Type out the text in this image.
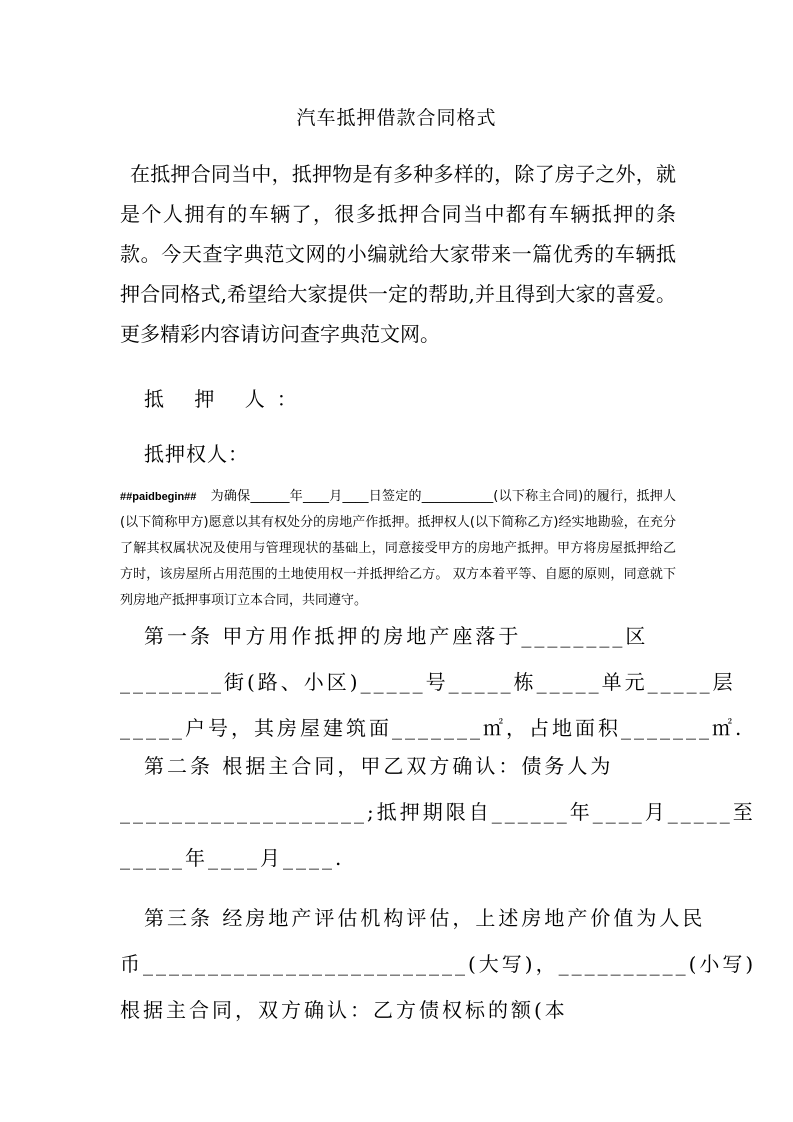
汽车抵押借款合同格式
在抵押合同当中，抵押物是有多种多样的，除了房子之外，就是个人拥有的车辆了，很多抵押合同当中都有车辆抵押的条款。今天查字典范文网的小编就给大家带来一篇优秀的车辆抵押合同格式,希望给大家提供一定的帮助,并且得到大家的喜爱。更多精彩内容请访问查字典范文网。
抵 押 人：
抵押权人：
##paidbegin## 为确保______年____月____日签定的___________(以下称主合同)的履行，抵押人(以下简称甲方)愿意以其有权处分的房地产作抵押。抵押权人(以下简称乙方)经实地勘验，在充分了解其权属状况及使用与管理现状的基础上，同意接受甲方的房地产抵押。甲方将房屋抵押给乙方时，该房屋所占用范围的土地使用权一并抵押给乙方。 双方本着平等、自愿的原则，同意就下列房地产抵押事项订立本合同，共同遵守。
第一条 甲方用作抵押的房地产座落于________区
________街(路、小区)_____号_____栋_____单元_____层
_____户号，其房屋建筑面_______㎡，占地面积_______㎡.
第二条 根据主合同，甲乙双方确认：债务人为
___________________;抵押期限自______年____月_____至
_____年____月____.
第三条 经房地产评估机构评估，上述房地产价值为人民
币_________________________(大写)，__________(小写)
根据主合同，双方确认：乙方债权标的额(本
